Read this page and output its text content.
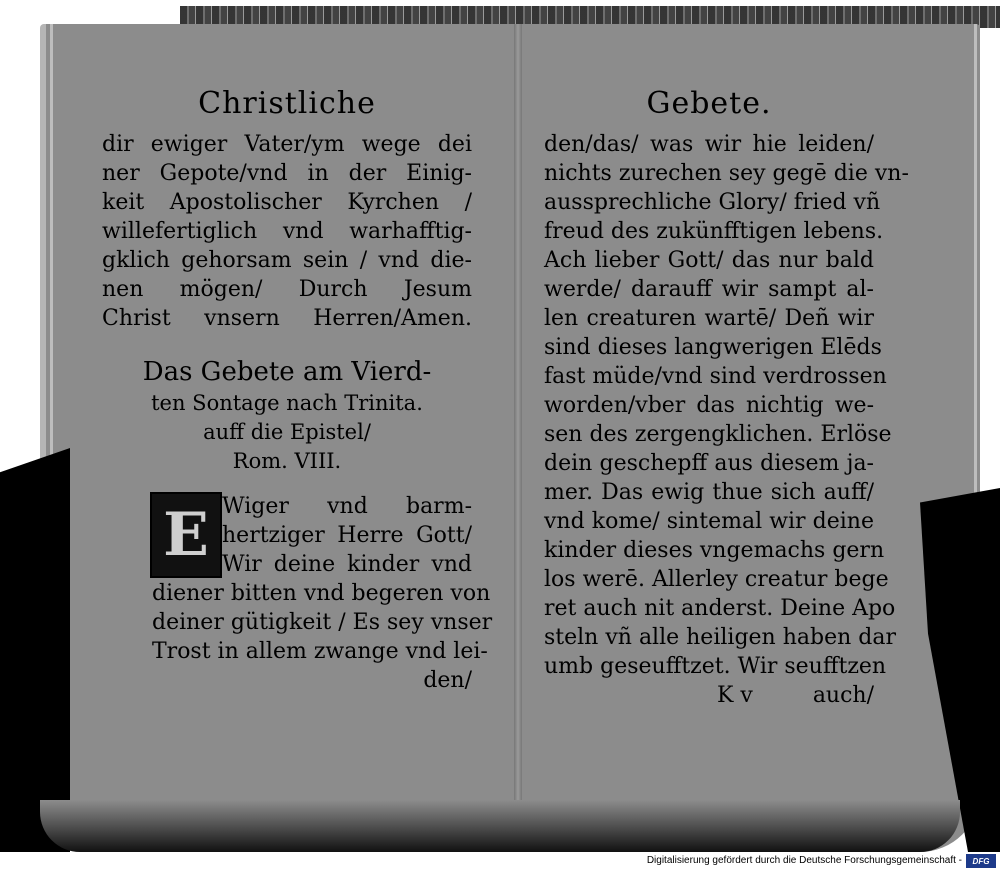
Christliche
dir ewiger Vater/ym wege dei
ner Gepote/vnd in der Einig-
keit Apostolischer Kyrchen /
willefertiglich vnd warhafftig-
gklich gehorsam sein / vnd die-
nen mögen/ Durch Jesum
Christ vnsern Herren/Amen.
Das Gebete am Vierd-
ten Sontage nach Trinita.
auff die Epistel/
Rom. VIII.
E Wiger vnd barm-
hertziger Herre Gott/
Wir deine kinder vnd
diener bitten vnd begeren von
deiner gütigkeit / Es sey vnser
Trost in allem zwange vnd lei-
den/
Gebete.
den/das/ was wir hie leiden/
nichts zurechen sey gegē die vn-
aussprechliche Glory/ fried vñ
freud des zukünfftigen lebens.
Ach lieber Gott/ das nur bald
werde/ darauff wir sampt al-
len creaturen wartē/ Deñ wir
sind dieses langwerigen Elēds
fast müde/vnd sind verdrossen
worden/vber das nichtig we-
sen des zergengklichen. Erlöse
dein geschepff aus diesem ja-
mer. Das ewig thue sich auff/
vnd kome/ sintemal wir deine
kinder dieses vngemachs gern
los werē. Allerley creatur bege
ret auch nit anderst. Deine Apo
steln vñ alle heiligen haben dar
umb geseufftzet. Wir seufftzen
K v	auch/
Digitalisierung gefördert durch die Deutsche Forschungsgemeinschaft -	DFG
